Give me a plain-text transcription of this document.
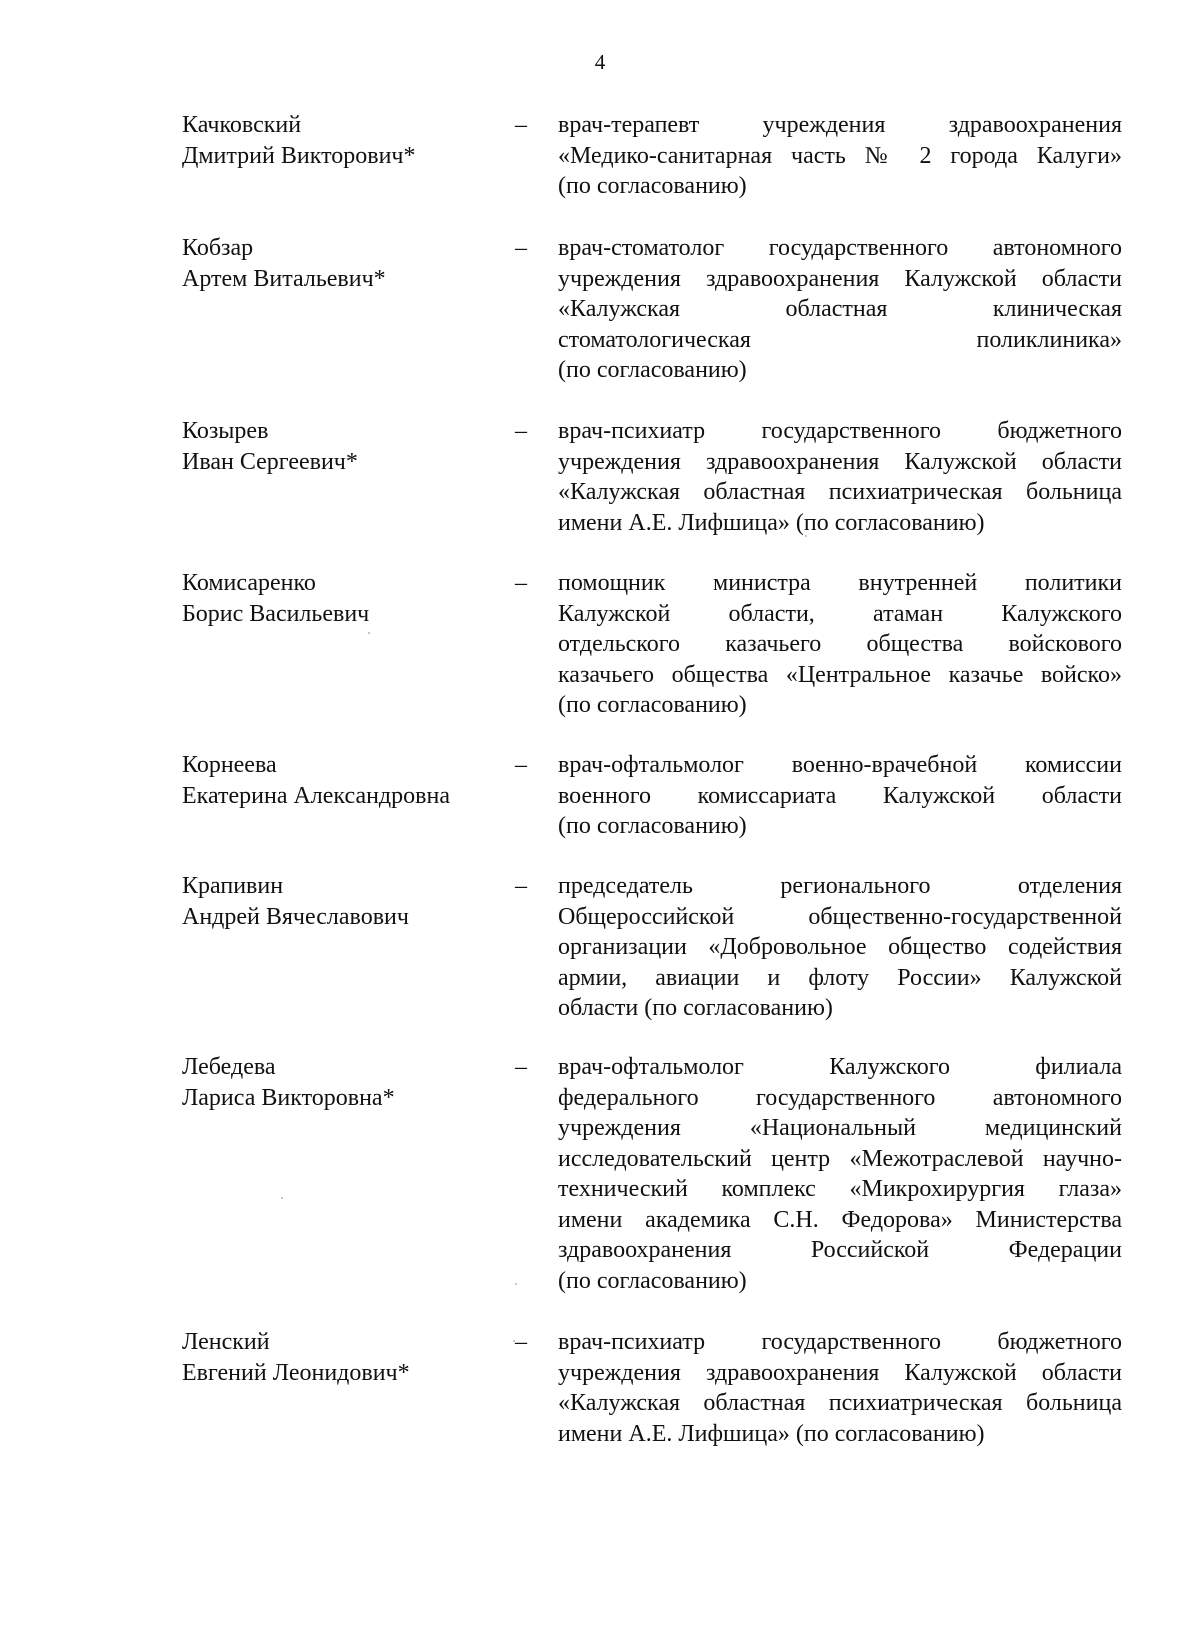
4
Качковский
Дмитрий Викторович*
– врач-терапевт учреждения здравоохранения
«Медико-санитарная часть № 2 города Калуги»
(по согласованию)
Кобзар
Артем Витальевич*
– врач-стоматолог государственного автономного
учреждения здравоохранения Калужской области
«Калужская областная клиническая
стоматологическая поликлиника»
(по согласованию)
Козырев
Иван Сергеевич*
– врач-психиатр государственного бюджетного
учреждения здравоохранения Калужской области
«Калужская областная психиатрическая больница
имени А.Е. Лифшица» (по согласованию)
Комисаренко
Борис Васильевич
– помощник министра внутренней политики
Калужской области, атаман Калужского
отдельского казачьего общества войскового
казачьего общества «Центральное казачье войско»
(по согласованию)
Корнеева
Екатерина Александровна
– врач-офтальмолог военно-врачебной комиссии
военного комиссариата Калужской области
(по согласованию)
Крапивин
Андрей Вячеславович
– председатель регионального отделения
Общероссийской общественно-государственной
организации «Добровольное общество содействия
армии, авиации и флоту России» Калужской
области (по согласованию)
Лебедева
Лариса Викторовна*
– врач-офтальмолог Калужского филиала
федерального государственного автономного
учреждения «Национальный медицинский
исследовательский центр «Межотраслевой научно-
технический комплекс «Микрохирургия глаза»
имени академика С.Н. Федорова» Министерства
здравоохранения Российской Федерации
(по согласованию)
Ленский
Евгений Леонидович*
– врач-психиатр государственного бюджетного
учреждения здравоохранения Калужской области
«Калужская областная психиатрическая больница
имени А.Е. Лифшица» (по согласованию)
